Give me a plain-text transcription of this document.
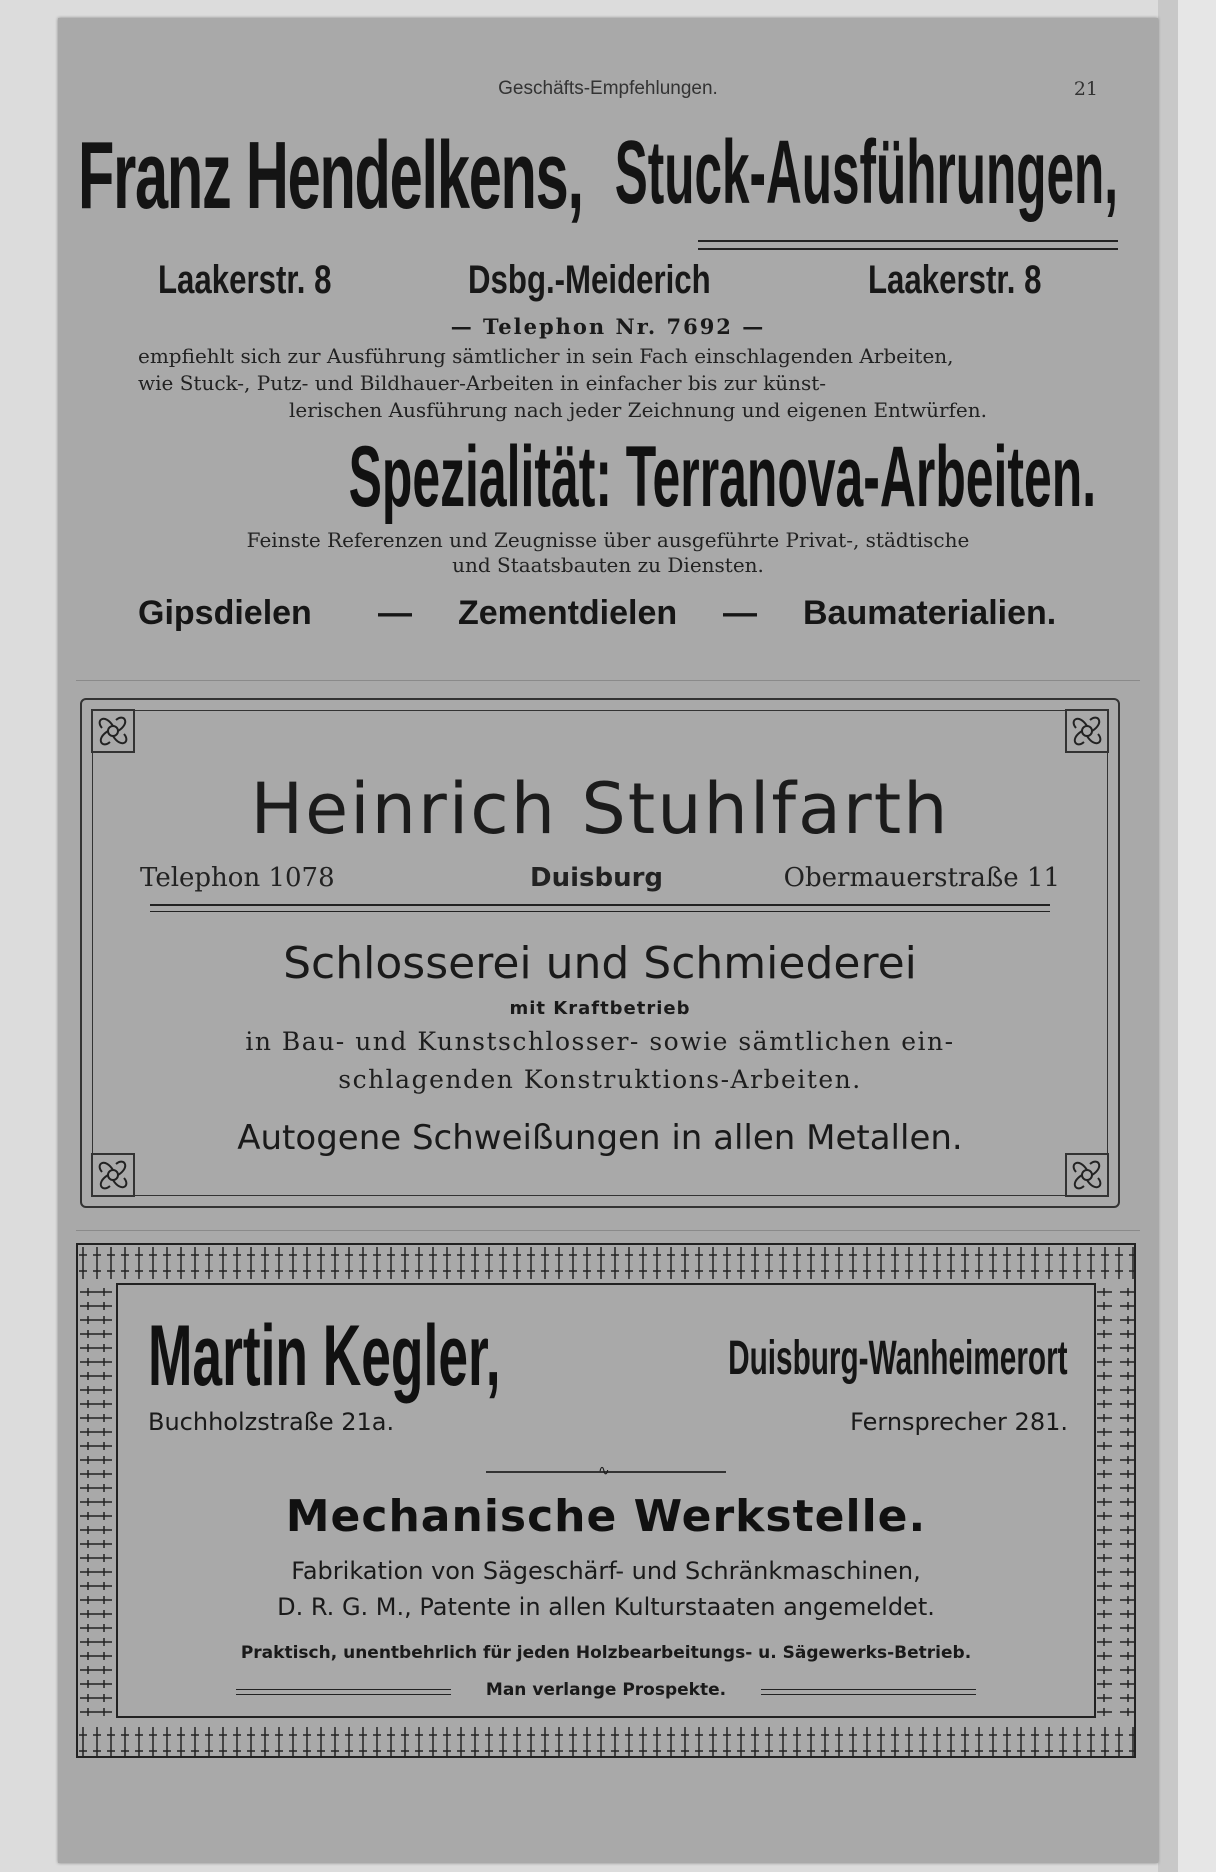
Geschäfts-Empfehlungen.	21
Franz Hendelkens, Stuck-Ausführungen,
Laakerstr. 8	Dsbg.-Meiderich	Laakerstr. 8
— Telephon Nr. 7692 —
empfiehlt sich zur Ausführung sämtlicher in sein Fach einschlagenden Arbeiten,
wie Stuck-, Putz- und Bildhauer-Arbeiten in einfacher bis zur künst-

lerischen Ausführung nach jeder Zeichnung und eigenen Entwürfen.
Spezialität: Terranova-Arbeiten.
Feinste Referenzen und Zeugnisse über ausgeführte Privat-, städtische
und Staatsbauten zu Diensten.
Gipsdielen — Zementdielen — Baumaterialien.
Heinrich Stuhlfarth
Telephon 1078	Duisburg	Obermauerstraße 11
Schlosserei und Schmiederei
mit Kraftbetrieb
in Bau- und Kunstschlosser- sowie sämtlichen ein-
schlagenden Konstruktions-Arbeiten.
Autogene Schweißungen in allen Metallen.
Martin Kegler,	Duisburg-Wanheimerort
Buchholzstraße 21a.	Fernsprecher 281.
∿
Mechanische Werkstelle.
Fabrikation von Sägeschärf- und Schränkmaschinen,
D. R. G. M., Patente in allen Kulturstaaten angemeldet.
Praktisch, unentbehrlich für jeden Holzbearbeitungs- u. Sägewerks-Betrieb.
Man verlange Prospekte.
